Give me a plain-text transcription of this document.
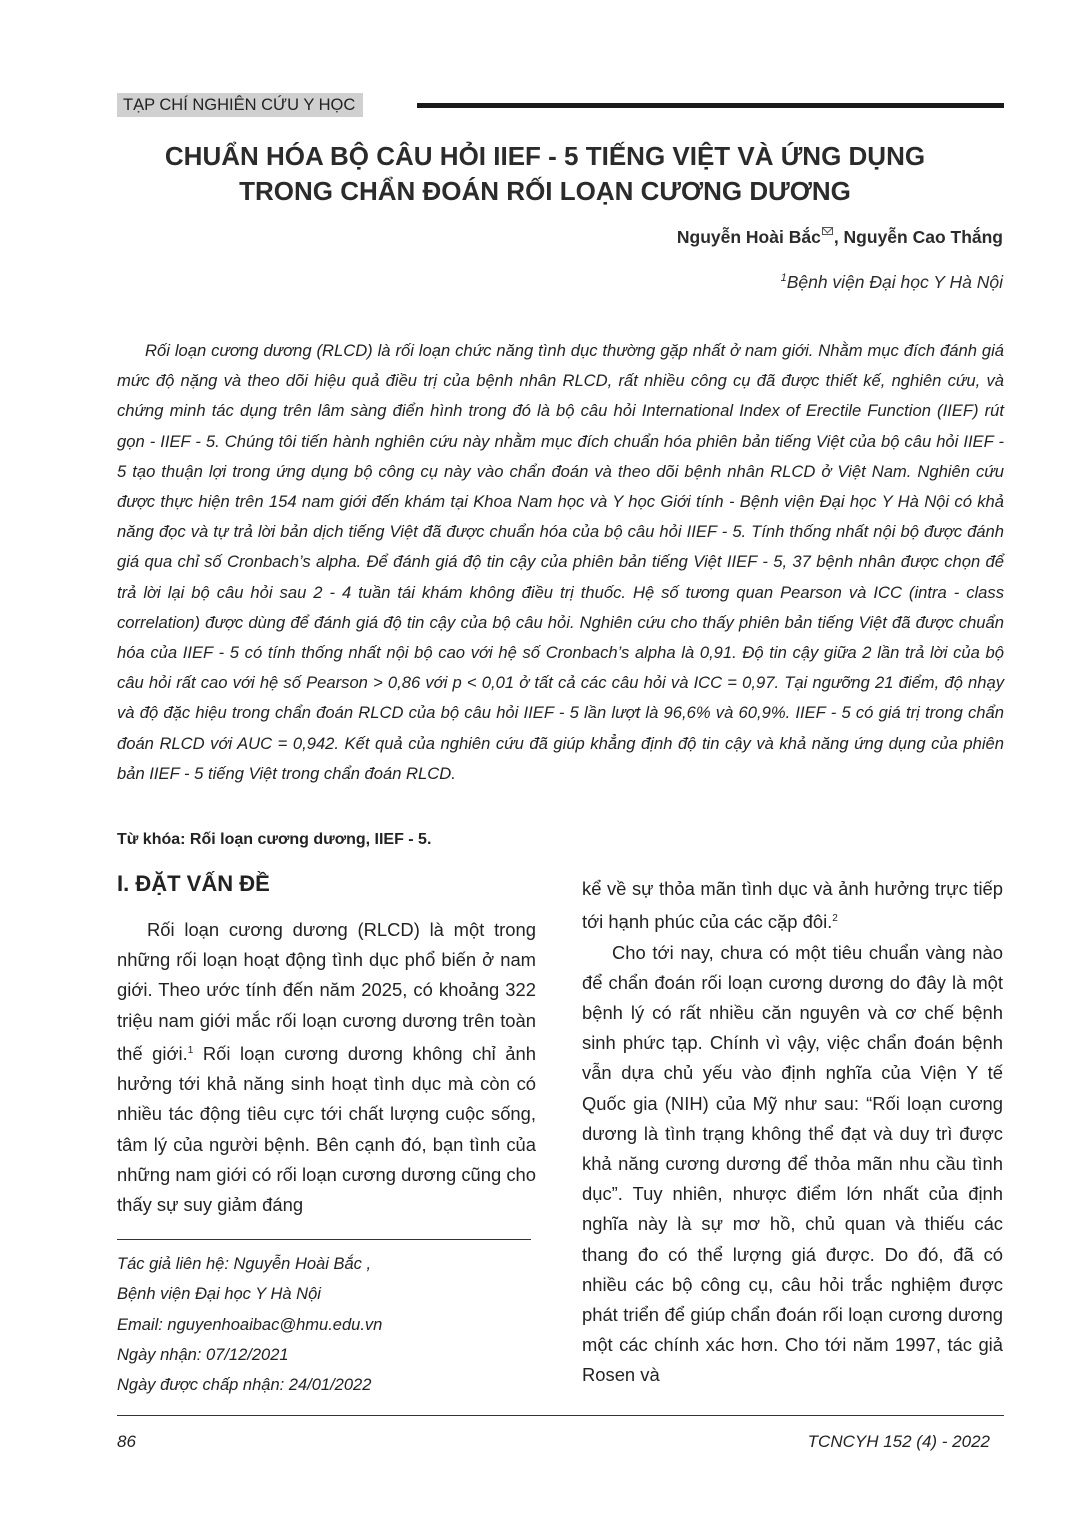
TẠP CHÍ NGHIÊN CỨU Y HỌC
CHUẨN HÓA BỘ CÂU HỎI IIEF - 5 TIẾNG VIỆT VÀ ỨNG DỤNG
TRONG CHẨN ĐOÁN RỐI LOẠN CƯƠNG DƯƠNG
Nguyễn Hoài Bắc , Nguyễn Cao Thắng
$^1$Bệnh viện Đại học Y Hà Nội

Rối loạn cương dương (RLCD) là rối loạn chức năng tình dục thường gặp nhất ở nam giới. Nhằm mục đích đánh giá mức độ nặng và theo dõi hiệu quả điều trị của bệnh nhân RLCD, rất nhiều công cụ đã được thiết kế, nghiên cứu, và chứng minh tác dụng trên lâm sàng điển hình trong đó là bộ câu hỏi International Index of Erectile Function (IIEF) rút gọn - IIEF - 5. Chúng tôi tiến hành nghiên cứu này nhằm mục đích chuẩn hóa phiên bản tiếng Việt của bộ câu hỏi IIEF - 5 tạo thuận lợi trong ứng dụng bộ công cụ này vào chẩn đoán và theo dõi bệnh nhân RLCD ở Việt Nam. Nghiên cứu được thực hiện trên 154 nam giới đến khám tại Khoa Nam học và Y học Giới tính - Bệnh viện Đại học Y Hà Nội có khả năng đọc và tự trả lời bản dịch tiếng Việt đã được chuẩn hóa của bộ câu hỏi IIEF - 5. Tính thống nhất nội bộ được đánh giá qua chỉ số Cronbach’s alpha. Để đánh giá độ tin cậy của phiên bản tiếng Việt IIEF - 5, 37 bệnh nhân được chọn để trả lời lại bộ câu hỏi sau 2 - 4 tuần tái khám không điều trị thuốc. Hệ số tương quan Pearson và ICC (intra - class correlation) được dùng để đánh giá độ tin cậy của bộ câu hỏi. Nghiên cứu cho thấy phiên bản tiếng Việt đã được chuẩn hóa của IIEF - 5 có tính thống nhất nội bộ cao với hệ số Cronbach’s alpha là 0,91. Độ tin cậy giữa 2 lần trả lời của bộ câu hỏi rất cao với hệ số Pearson > 0,86 với p < 0,01 ở tất cả các câu hỏi và ICC = 0,97. Tại ngưỡng 21 điểm, độ nhạy và độ đặc hiệu trong chẩn đoán RLCD của bộ câu hỏi IIEF - 5 lần lượt là 96,6% và 60,9%. IIEF - 5 có giá trị trong chẩn đoán RLCD với AUC = 0,942. Kết quả của nghiên cứu đã giúp khẳng định độ tin cậy và khả năng ứng dụng của phiên bản IIEF - 5 tiếng Việt trong chẩn đoán RLCD.

Từ khóa: Rối loạn cương dương, IIEF - 5.
I. ĐẶT VẤN ĐỀ

Rối loạn cương dương (RLCD) là một trong những rối loạn hoạt động tình dục phổ biến ở nam giới. Theo ước tính đến năm 2025, có khoảng 322 triệu nam giới mắc rối loạn cương dương trên toàn thế giới.$^1$ Rối loạn cương dương không chỉ ảnh hưởng tới khả năng sinh hoạt tình dục mà còn có nhiều tác động tiêu cực tới chất lượng cuộc sống, tâm lý của người bệnh. Bên cạnh đó, bạn tình của những nam giới có rối loạn cương dương cũng cho thấy sự suy giảm đáng

kể về sự thỏa mãn tình dục và ảnh hưởng trực tiếp tới hạnh phúc của các cặp đôi.$^2$

Cho tới nay, chưa có một tiêu chuẩn vàng nào để chẩn đoán rối loạn cương dương do đây là một bệnh lý có rất nhiều căn nguyên và cơ chế bệnh sinh phức tạp. Chính vì vậy, việc chẩn đoán bệnh vẫn dựa chủ yếu vào định nghĩa của Viện Y tế Quốc gia (NIH) của Mỹ như sau: “Rối loạn cương dương là tình trạng không thể đạt và duy trì được khả năng cương dương để thỏa mãn nhu cầu tình dục”. Tuy nhiên, nhược điểm lớn nhất của định nghĩa này là sự mơ hồ, chủ quan và thiếu các thang đo có thể lượng giá được. Do đó, đã có nhiều các bộ công cụ, câu hỏi trắc nghiệm được phát triển để giúp chẩn đoán rối loạn cương dương một các chính xác hơn. Cho tới năm 1997, tác giả Rosen và

Tác giả liên hệ: Nguyễn Hoài Bắc ,
Bệnh viện Đại học Y Hà Nội
Email: nguyenhoaibac@hmu.edu.vn
Ngày nhận: 07/12/2021
Ngày được chấp nhận: 24/01/2022
86	TCNCYH 152 (4) - 2022
